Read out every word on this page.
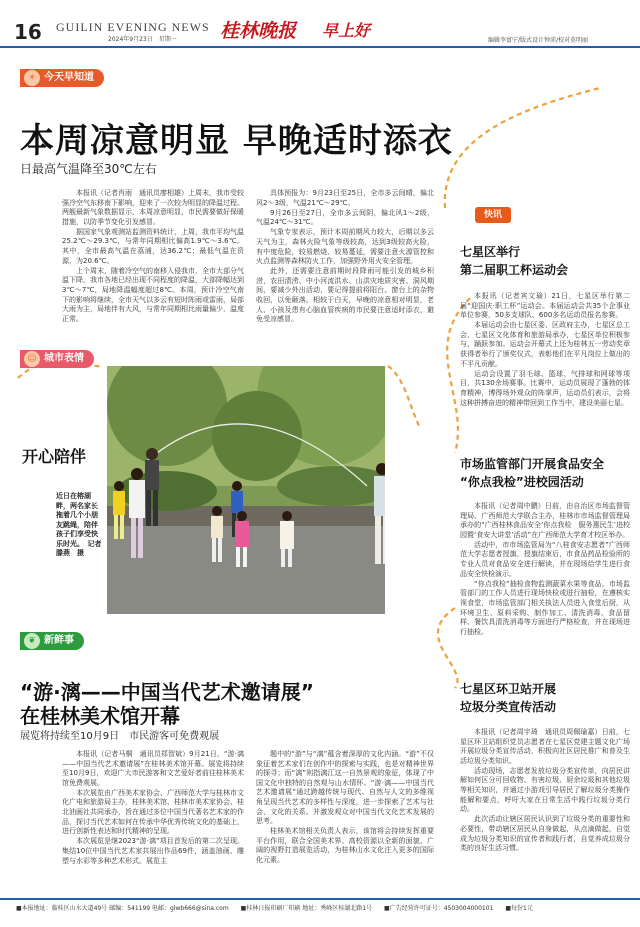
16 GUILIN EVENING NEWS
2024年9月23日　星期一 桂林晚报 早上好
编辑李富宁/版式设计钟沛/校对莫明丽
☀ 今天早知道
本周凉意明显 早晚适时添衣
日最高气温降至30℃左右

本报讯（记者肖雨　通讯员廖相雄）上周末，我市受较强冷空气东移南下影响，迎来了一次较为明显的降温过程。两舰最新气象数据显示，本周凉意明显，市民需要做好保暖措施，以防季节变化引发感冒。

据国家气象观测站监测资料统计，上周，我市平均气温25.2℃～29.3℃，与常年同期相比偏高1.9℃～3.6℃。其中，全市最高气温在荔浦，达36.2℃；最低气温在资源，为20.6℃。

上个周末，随着冷空气的南移入侵我市，全市大部分气温下降，我市各地已经出现不同程度的降温，大部降幅达到3℃～7℃，局地降温幅度超过8℃。本周，预计冷空气南下的影响将继续，全市天气以多云有短时阵雨或雷雨，局部大雨为主，局地伴有大风，与常年同期相比雨量偏少，温度正常。

具体预报为：9月23日至25日，全市多云间晴，偏北风2～3级，气温21℃～29℃。

9月26日至27日，全市多云间阴，偏北风1～2级，气温24℃～31℃。

气象专家表示，预计本周前期风力较大，后期以多云天气为主，森林火险气象等级较高，达到3级较高火险，有中度危险，较易燃烧、较易蔓延，需要注意火源管控和火点监测等森林防火工作，加强野外用火安全管理。

此外，还需要注意前期时段降雨可能引发的城乡积涝，农田渍涝、中小河流洪水、山洪灾地质灾害、洞风期间，要减少外出活动，要记得提前将阳台、窗台上的杂物收回，以免砸落。相较于白天，早晚的凉意相对明显，老人、小孩及患有心脑血管疾病的市民要注意适时添衣，避免受凉感冒。

☺ 城市表情
开心陪伴
近日在榕湖畔，两名家长拖着几个小朋友跳绳，陪伴孩子们享受快乐时光。　记者滕燕　摄
❦ 新鲜事
“游·漓——中国当代艺术邀请展”
在桂林美术馆开幕
展览将持续至10月9日　市民游客可免费观展

本报讯（记者马桐　通讯员郑智斌）9月21日，“游·漓——中国当代艺术邀请展”在桂林美术馆开幕。展览将持续至10月9日，欢迎广大市民游客和文艺爱好者前往桂林美术馆免费观展。

本次展览由广西美术家协会、广西师范大学与桂林市文化广电和旅游局主办，桂林美术馆、桂林市美术家协会、桂北油画社共同承办，旨在通过多位中国当代著名艺术家的作品，探讨当代艺术如何在传承中华优秀传统文化的基础上，进行创新性表达和时代精神的呈现。

本次展览是继2023“游·漓”项目首发后的第二次呈现。集结10位中国当代艺术家共展出作品69件，涵盖油画、雕塑与水彩等多种艺术形式。展览主

题中的“游”与“漓”蕴含着深厚的文化内涵。“游”不仅象征着艺术家们在创作中的探索与实践，也是对精神世界的探寻；而“漓”则指漓江这一自然景观的象征，体现了中国文化中独特的自然观与山水情怀。“游·漓——中国当代艺术邀请展”通过跨越传统与现代、自然与人文的多维视角呈现当代艺术的多样性与深度，进一步探索了艺术与社会、文化的关系。并激发观众对中国当代文化艺术发展的思考。

桂林美术馆相关负责人表示，该馆将会持续发挥重要平台作用，联合全国美术界、高校资源以全新的面貌、广阔的视野打造展览活动，为桂林山水文化注入更多的国际化元素。

快讯
七星区举行
第二届职工杯运动会

本报讯（记者宾文瑜）21日，七星区举行第二届“迎国庆·职工杯”运动会。本届运动会共35个企事业单位参赛，50多支球队、600多名运动员报名参赛。

本届运动会由七星区委、区政府主办，七星区总工会、七星区文化体育和旅游局承办，七星区单位积极参与，踊跃参加。运动会开幕式上还为桂林五一劳动奖章获得者举行了颁奖仪式，表彰他们在平凡岗位上做出的不平凡贡献。

运动会设置了羽毛球、篮球、气排球和网球等项目，共130余场赛事。比赛中，运动员展现了蓬勃的体育精神，博得场外观众的阵掌声，运动员们表示，会将这种拼搏奋进的精神带回到工作当中，建设美丽七星。

市场监管部门开展食品安全
“你点我检”进校园活动

本报讯（记者周中鹏）日前，由自治区市场监督管理局、广西师范大学联合主办，桂林市市场监督管理局承办的“广西桂林食品安全‘你点我检　服务惠民生’进校园暨‘食安大讲堂’活动”在广西师范大学育才校区举办。

活动中，市市场监管局为“八桂食安志愿者”广西师范大学志愿者授旗，授旗结束后，市食品药品检验所的专业人员对食品安全进行解读，并在现场给学生进行食品安全快检演示。

“你点我检”抽检食物监测蔬菜水果等食品，市场监管部门的工作人员进行现场快检或进行抽检，在遵核实视食堂，市场监管部门相关执法人员进入食堂后厨，从环境卫生、原料采购、制作加工、清洗消毒、食品留样、餐饮具清洗消毒等方面进行严格检查，并在现场进行抽检。

七星区环卫站开展
垃圾分类宣传活动

本报讯（记者周宇琦　通讯员周佩瑜嘉）日前，七星区环卫站组织党员志愿者在七星区党建主题文化广场开展垃圾分类宣传活动，积极向社区居民推广和普及生活垃圾分类知识。

活动现场，志愿者发放垃圾分类宣传单，向居民讲解如何区分可回收物、有害垃圾、厨余垃圾和其他垃圾等相关知识，并通过小游戏引导居民了解垃圾分类操作能解和要点，呼吁大家在日常生活中践行垃圾分类行动。

此次活动让辖区居民认识到了垃圾分类的重要性和必要性，带动辖区居民从自身做起，从点滴做起，自觉成为垃圾分类知识的宣传者和践行者，自觉养成垃圾分类的良好生活习惯。

■本报地址：临桂区山水大道49号 邮编：541199 电邮：glwb666@sina.com　　■桂林日报印刷厂印刷 地址：秀峰区桂湖北路1号　　■广告经营许可证号：4503004000101　　■每份1元
